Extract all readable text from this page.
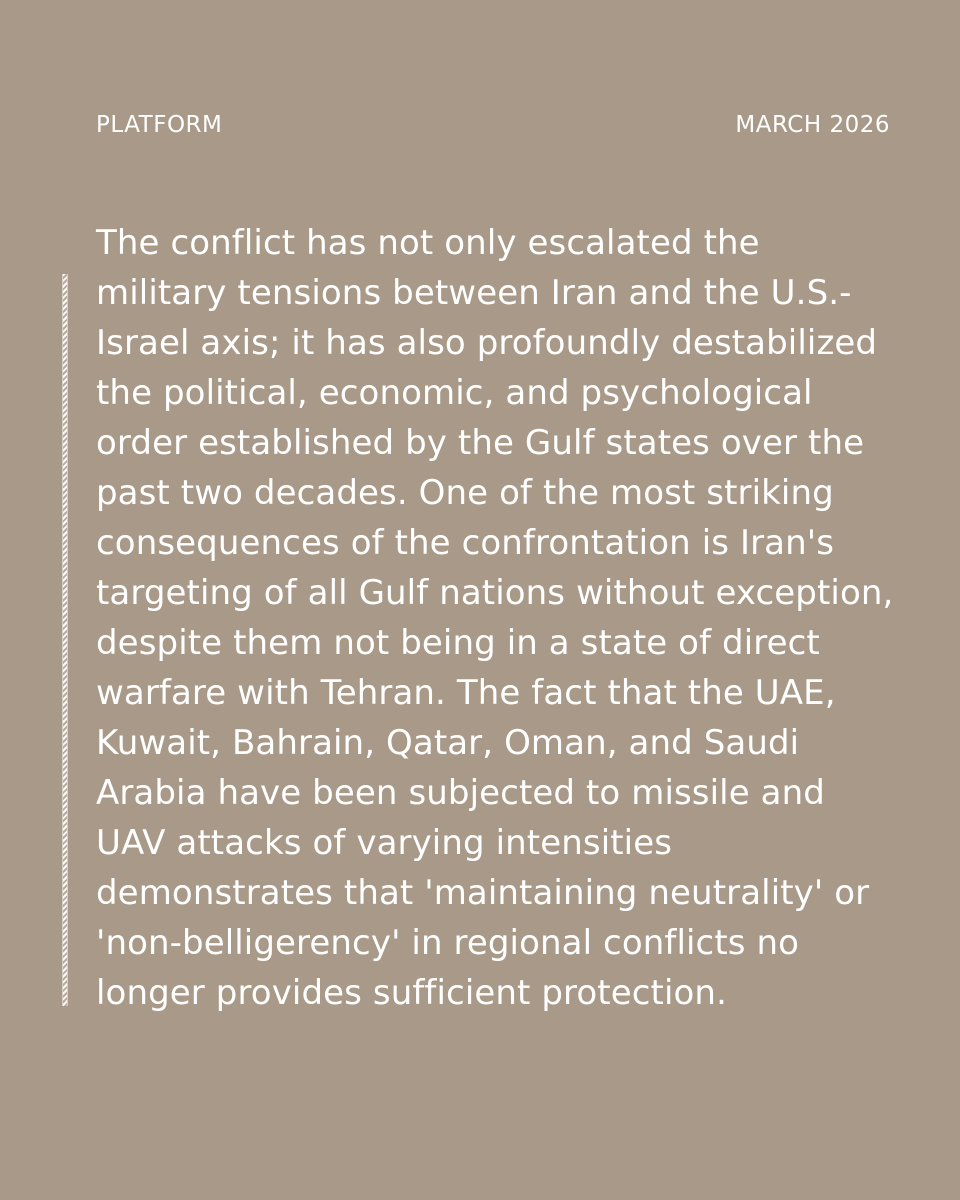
PLATFORM	MARCH 2026

The conflict has not only escalated the military tensions between Iran and the U.S.-Israel axis; it has also profoundly destabilized the political, economic, and psychological order established by the Gulf states over the past two decades. One of the most striking consequences of the confrontation is Iran's targeting of all Gulf nations without exception, despite them not being in a state of direct warfare with Tehran. The fact that the UAE, Kuwait, Bahrain, Qatar, Oman, and Saudi Arabia have been subjected to missile and UAV attacks of varying intensities demonstrates that 'maintaining neutrality' or 'non-belligerency' in regional conflicts no longer provides sufficient protection.
